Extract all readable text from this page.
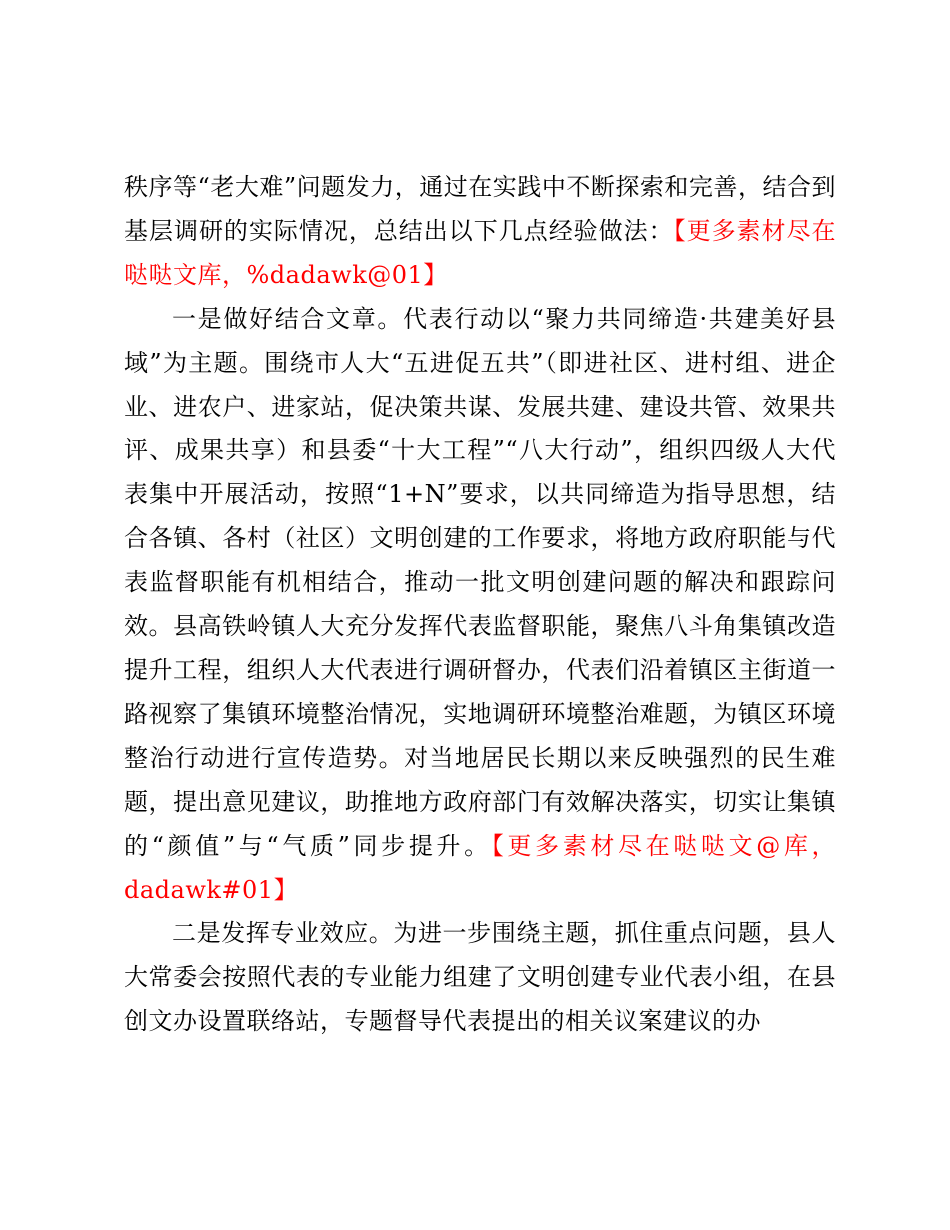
秩序等“老大难”问题发力，通过在实践中不断探索和完善，结合到基层调研的实际情况，总结出以下几点经验做法：【更多素材尽在哒哒文库，%dadawk@01】

一是做好结合文章。代表行动以“聚力共同缔造·共建美好县域”为主题。围绕市人大“五进促五共”（即进社区、进村组、进企业、进农户、进家站，促决策共谋、发展共建、建设共管、效果共评、成果共享）和县委“十大工程”“八大行动”，组织四级人大代表集中开展活动，按照“1+N”要求，以共同缔造为指导思想，结合各镇、各村（社区）文明创建的工作要求，将地方政府职能与代表监督职能有机相结合，推动一批文明创建问题的解决和跟踪问效。县高铁岭镇人大充分发挥代表监督职能，聚焦八斗角集镇改造提升工程，组织人大代表进行调研督办，代表们沿着镇区主街道一路视察了集镇环境整治情况，实地调研环境整治难题，为镇区环境整治行动进行宣传造势。对当地居民长期以来反映强烈的民生难题，提出意见建议，助推地方政府部门有效解决落实，切实让集镇的“颜值”与“气质”同步提升。【更多素材尽在哒哒文@库，dadawk#01】

二是发挥专业效应。为进一步围绕主题，抓住重点问题，县人大常委会按照代表的专业能力组建了文明创建专业代表小组，在县创文办设置联络站，专题督导代表提出的相关议案建议的办
